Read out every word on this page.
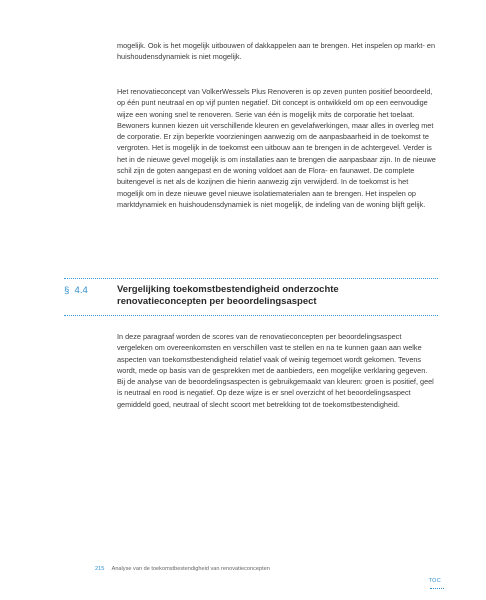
mogelijk. Ook is het mogelijk uitbouwen of dakkappelen aan te brengen. Het inspelen op markt- en huishoudensdynamiek is niet mogelijk.

Het renovatieconcept van VolkerWessels Plus Renoveren is op zeven punten positief beoordeeld, op één punt neutraal en op vijf punten negatief. Dit concept is ontwikkeld om op een eenvoudige wijze een woning snel te renoveren. Serie van één is mogelijk mits de corporatie het toelaat. Bewoners kunnen kiezen uit verschillende kleuren en gevelafwerkingen, maar alles in overleg met de corporatie. Er zijn beperkte voorzieningen aanwezig om de aanpasbaarheid in de toekomst te vergroten. Het is mogelijk in de toekomst een uitbouw aan te brengen in de achtergevel. Verder is het in de nieuwe gevel mogelijk is om installaties aan te brengen die aanpasbaar zijn. In de nieuwe schil zijn de goten aangepast en de woning voldoet aan de Flora- en faunawet. De complete buitengevel is net als de kozijnen die hierin aanwezig zijn verwijderd. In de toekomst is het mogelijk om in deze nieuwe gevel nieuwe isolatiematerialen aan te brengen. Het inspelen op marktdynamiek en huishoudensdynamiek is niet mogelijk, de indeling van de woning blijft gelijk.

§  4.4	Vergelijking toekomstbestendigheid onderzochte renovatieconcepten per beoordelingsaspect

In deze paragraaf worden de scores van de renovatieconcepten per beoordelingsaspect vergeleken om overeenkomsten en verschillen vast te stellen en na te kunnen gaan aan welke aspecten van toekomstbestendigheid relatief vaak of weinig tegemoet wordt gekomen. Tevens wordt, mede op basis van de gesprekken met de aanbieders, een mogelijke verklaring gegeven. Bij de analyse van de beoordelingsaspecten is gebruikgemaakt van kleuren: groen is positief, geel is neutraal en rood is negatief. Op deze wijze is er snel overzicht of het beoordelingsaspect gemiddeld goed, neutraal of slecht scoort met betrekking tot de toekomstbestendigheid.

215 Analyse van de toekomstbestendigheid van renovatieconcepten
TOC
